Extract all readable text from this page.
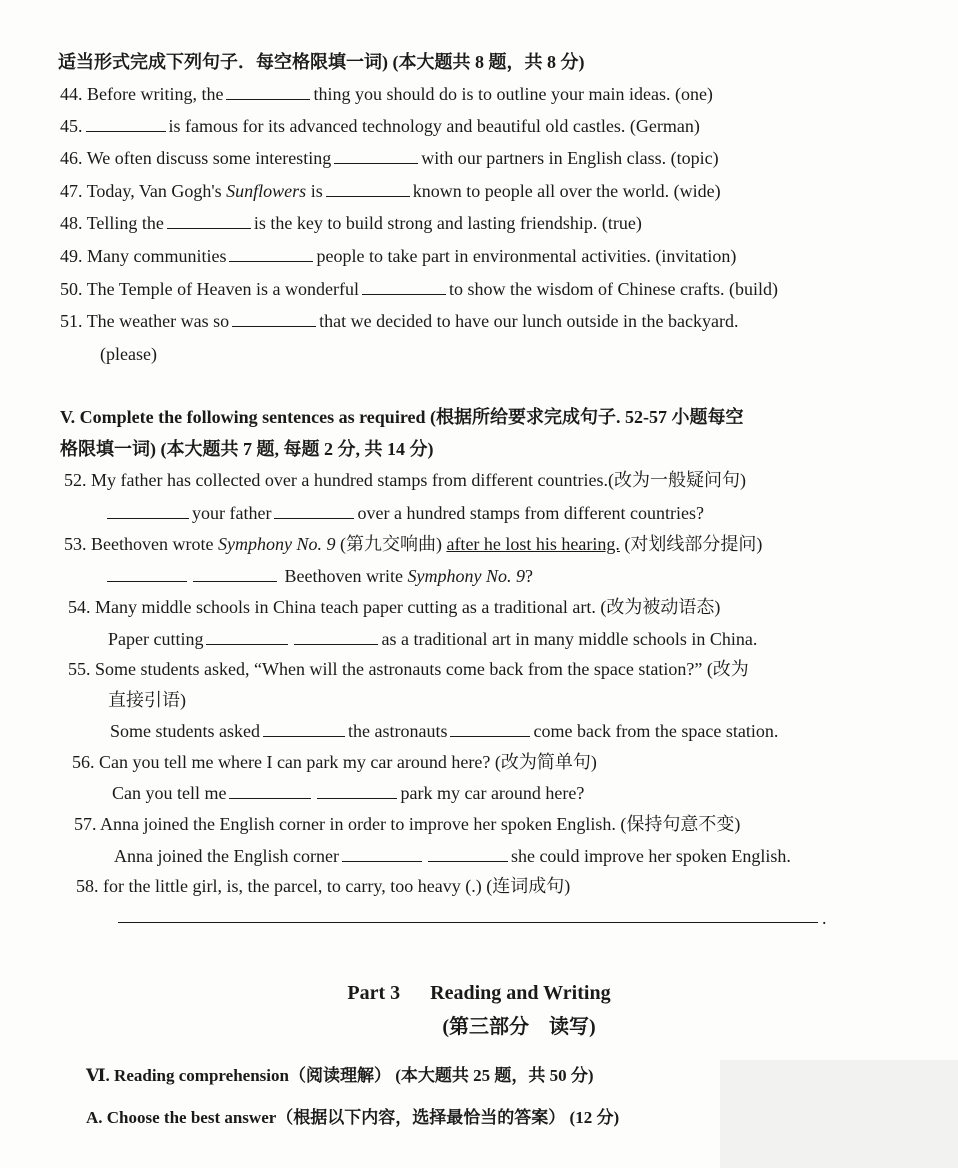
适当形式完成下列句子．每空格限填一词) (本大题共 8 题，共 8 分)
44. Before writing, the	thing you should do is to outline your main ideas. (one)
45.	is famous for its advanced technology and beautiful old castles. (German)
46. We often discuss some interesting	with our partners in English class. (topic)
47. Today, Van Gogh's Sunflowers is	known to people all over the world. (wide)
48. Telling the	is the key to build strong and lasting friendship. (true)
49. Many communities	people to take part in environmental activities. (invitation)
50. The Temple of Heaven is a wonderful	to show the wisdom of Chinese crafts. (build)
51. The weather was so	that we decided to have our lunch outside in the backyard.
(please)
V. Complete the following sentences as required (根据所给要求完成句子. 52-57 小题每空
格限填一词) (本大题共 7 题, 每题 2 分, 共 14 分)
52. My father has collected over a hundred stamps from different countries.(改为一般疑问句)
your father	over a hundred stamps from different countries?
53. Beethoven wrote Symphony No. 9 (第九交响曲) after he lost his hearing. (对划线部分提问)
Beethoven write Symphony No. 9?
54. Many middle schools in China teach paper cutting as a traditional art. (改为被动语态)
Paper cutting	as a traditional art in many middle schools in China.
55. Some students asked, “When will the astronauts come back from the space station?” (改为
直接引语)
Some students asked	the astronauts	come back from the space station.
56. Can you tell me where I can park my car around here? (改为简单句)
Can you tell me	park my car around here?
57. Anna joined the English corner in order to improve her spoken English. (保持句意不变)
Anna joined the English corner	she could improve her spoken English.
58. for the little girl, is, the parcel, to carry, too heavy (.) (连词成句)
.
Part 3      Reading and Writing
(第三部分    读写)
Ⅵ. Reading comprehension（阅读理解） (本大题共 25 题，共 50 分)
A. Choose the best answer（根据以下内容，选择最恰当的答案） (12 分)
